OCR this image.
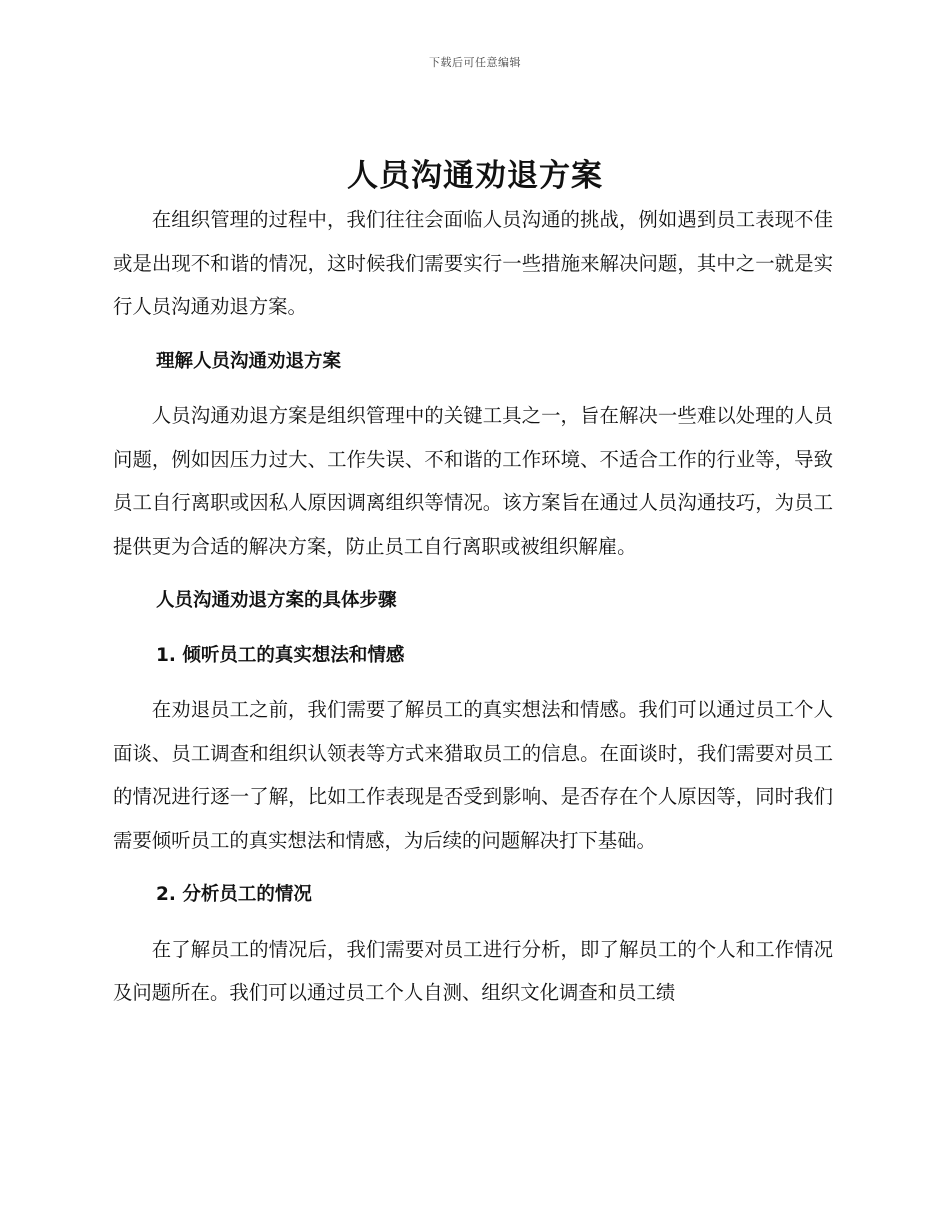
下载后可任意编辑
人员沟通劝退方案

在组织管理的过程中，我们往往会面临人员沟通的挑战，例如遇到员工表现不佳或是出现不和谐的情况，这时候我们需要实行一些措施来解决问题，其中之一就是实行人员沟通劝退方案。

理解人员沟通劝退方案

人员沟通劝退方案是组织管理中的关键工具之一，旨在解决一些难以处理的人员问题，例如因压力过大、工作失误、不和谐的工作环境、不适合工作的行业等，导致员工自行离职或因私人原因调离组织等情况。该方案旨在通过人员沟通技巧，为员工提供更为合适的解决方案，防止员工自行离职或被组织解雇。

人员沟通劝退方案的具体步骤

1. 倾听员工的真实想法和情感

在劝退员工之前，我们需要了解员工的真实想法和情感。我们可以通过员工个人面谈、员工调查和组织认领表等方式来猎取员工的信息。在面谈时，我们需要对员工的情况进行逐一了解，比如工作表现是否受到影响、是否存在个人原因等，同时我们需要倾听员工的真实想法和情感，为后续的问题解决打下基础。

2. 分析员工的情况

在了解员工的情况后，我们需要对员工进行分析，即了解员工的个人和工作情况及问题所在。我们可以通过员工个人自测、组织文化调查和员工绩
